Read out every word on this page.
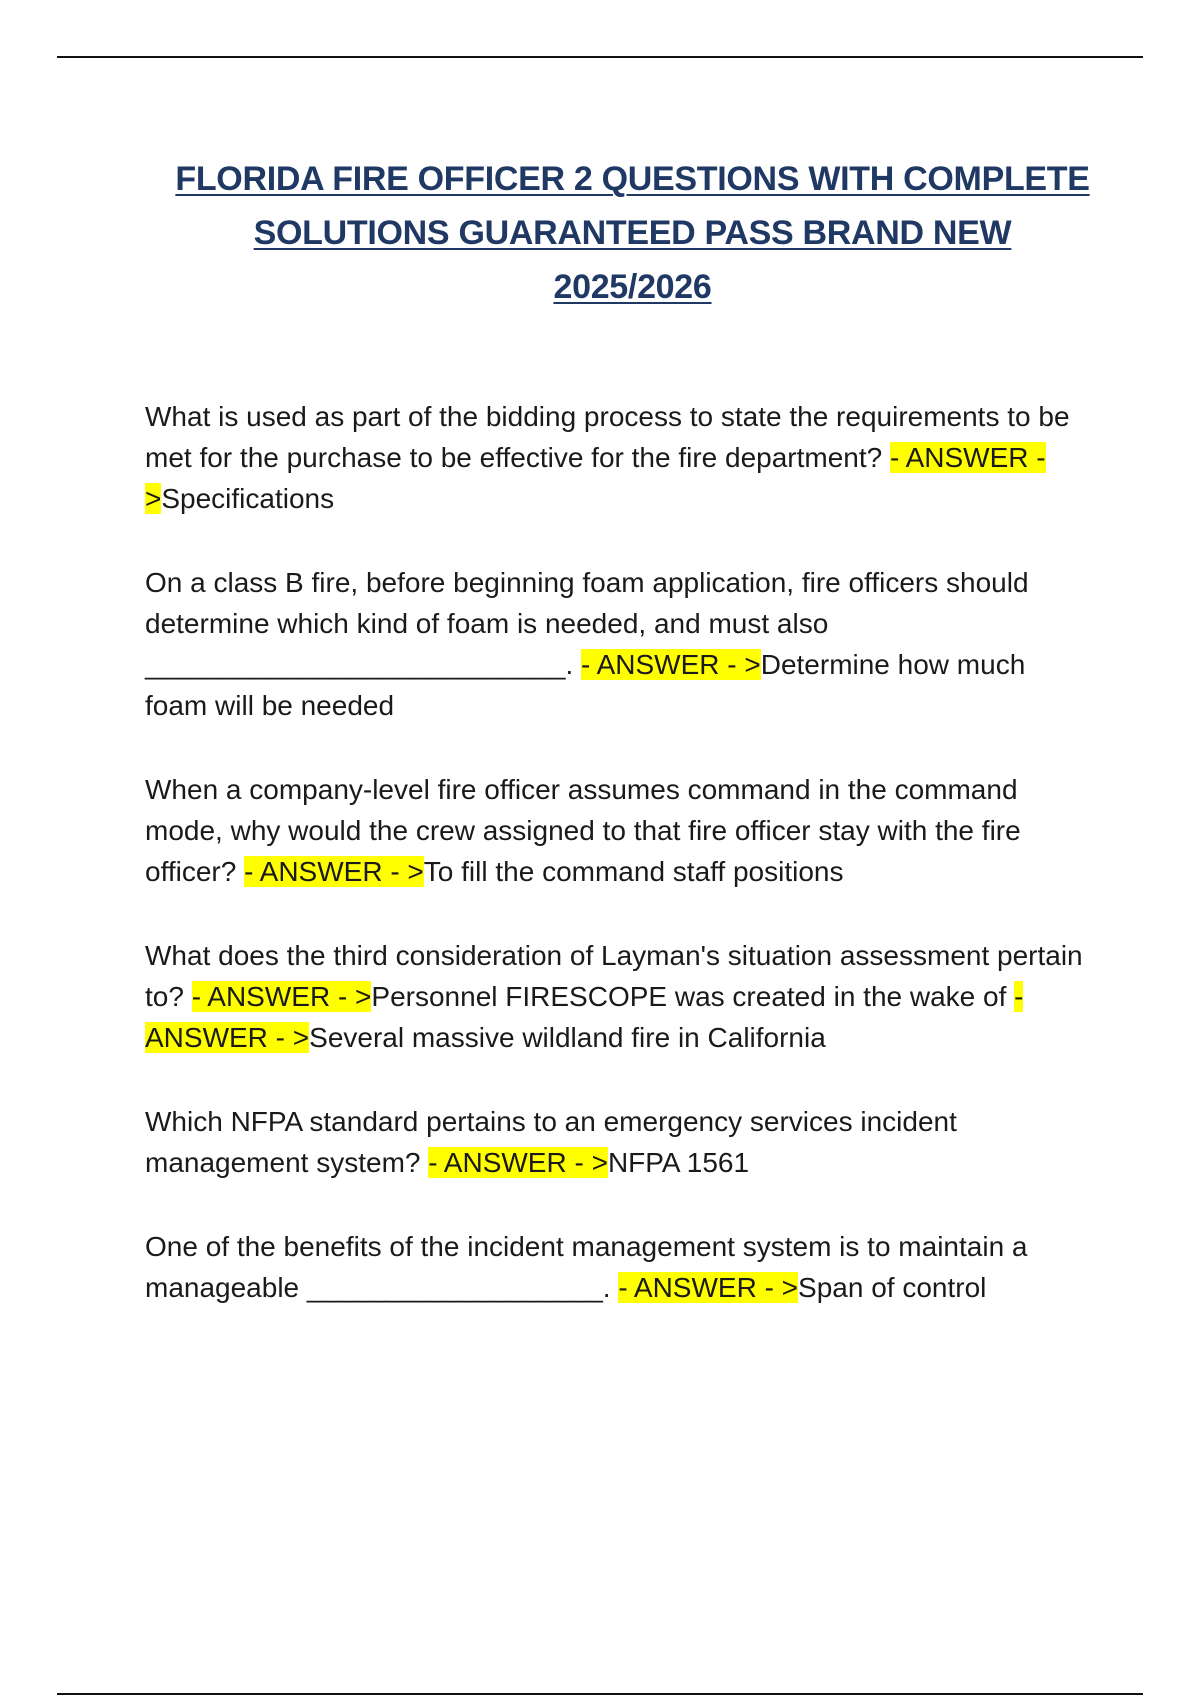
FLORIDA FIRE OFFICER 2 QUESTIONS WITH COMPLETE
SOLUTIONS GUARANTEED PASS BRAND NEW
2025/2026

What is used as part of the bidding process to state the requirements to be met for the purchase to be effective for the fire department? - ANSWER - >Specifications

On a class B fire, before beginning foam application, fire officers should determine which kind of foam is needed, and must also ___________________________. - ANSWER - >Determine how much foam will be needed

When a company-level fire officer assumes command in the command mode, why would the crew assigned to that fire officer stay with the fire officer? - ANSWER - >To fill the command staff positions

What does the third consideration of Layman's situation assessment pertain to? - ANSWER - >Personnel FIRESCOPE was created in the wake of - ANSWER - >Several massive wildland fire in California

Which NFPA standard pertains to an emergency services incident management system? - ANSWER - >NFPA 1561

One of the benefits of the incident management system is to maintain a manageable ___________________. - ANSWER - >Span of control
